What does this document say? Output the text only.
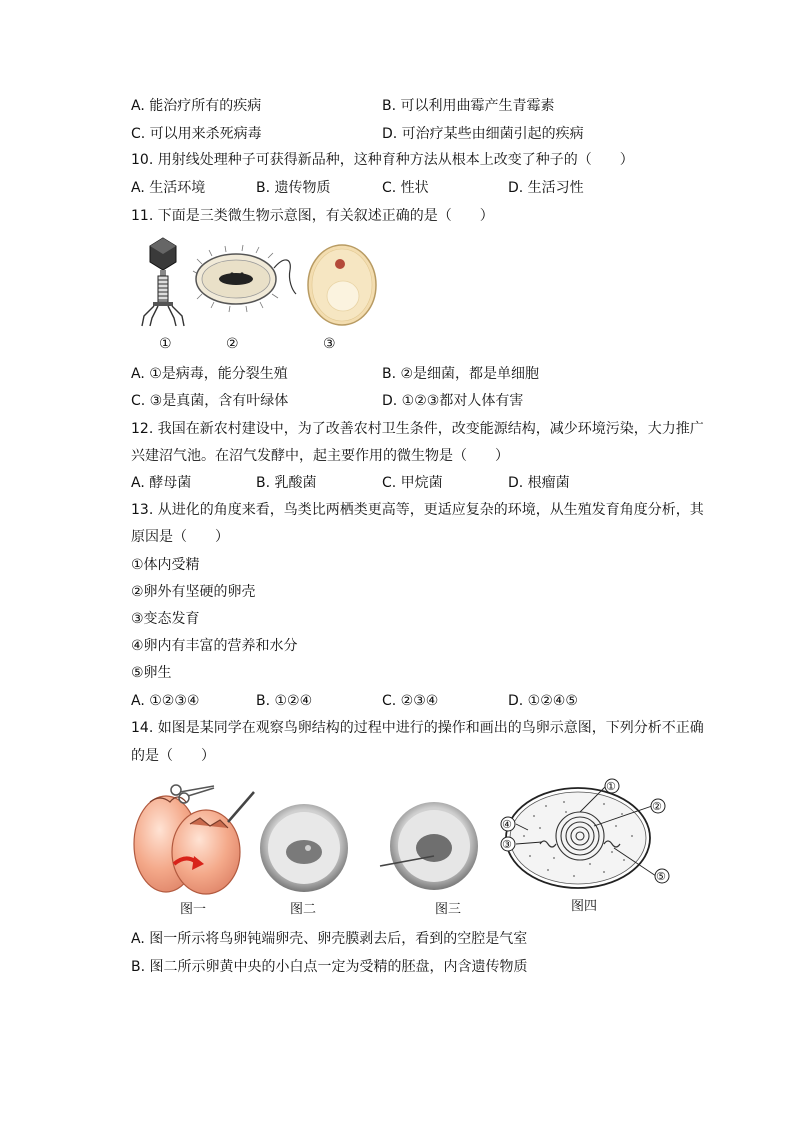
A. 能治疗所有的疾病	B. 可以利用曲霉产生青霉素
C. 可以用来杀死病毒	D. 可治疗某些由细菌引起的疾病
10. 用射线处理种子可获得新品种，这种育种方法从根本上改变了种子的（　　）
A. 生活环境	B. 遗传物质	C. 性状	D. 生活习性
11. 下面是三类微生物示意图，有关叙述正确的是（　　）
①	②	③
A. ①是病毒，能分裂生殖	B. ②是细菌，都是单细胞
C. ③是真菌，含有叶绿体	D. ①②③都对人体有害
12. 我国在新农村建设中，为了改善农村卫生条件，改变能源结构，减少环境污染，大力推广
兴建沼气池。在沼气发酵中，起主要作用的微生物是（　　）
A. 酵母菌	B. 乳酸菌	C. 甲烷菌	D. 根瘤菌
13. 从进化的角度来看，鸟类比两栖类更高等，更适应复杂的环境，从生殖发育角度分析，其
原因是（　　）
①体内受精
②卵外有坚硬的卵壳
③变态发育
④卵内有丰富的营养和水分
⑤卵生
A. ①②③④	B. ①②④	C. ②③④	D. ①②④⑤
14. 如图是某同学在观察鸟卵结构的过程中进行的操作和画出的鸟卵示意图，下列分析不正确
的是（　　）
①
②
③
④
⑤
图一	图二	图三	图四
A. 图一所示将鸟卵钝端卵壳、卵壳膜剥去后，看到的空腔是气室
B. 图二所示卵黄中央的小白点一定为受精的胚盘，内含遗传物质
